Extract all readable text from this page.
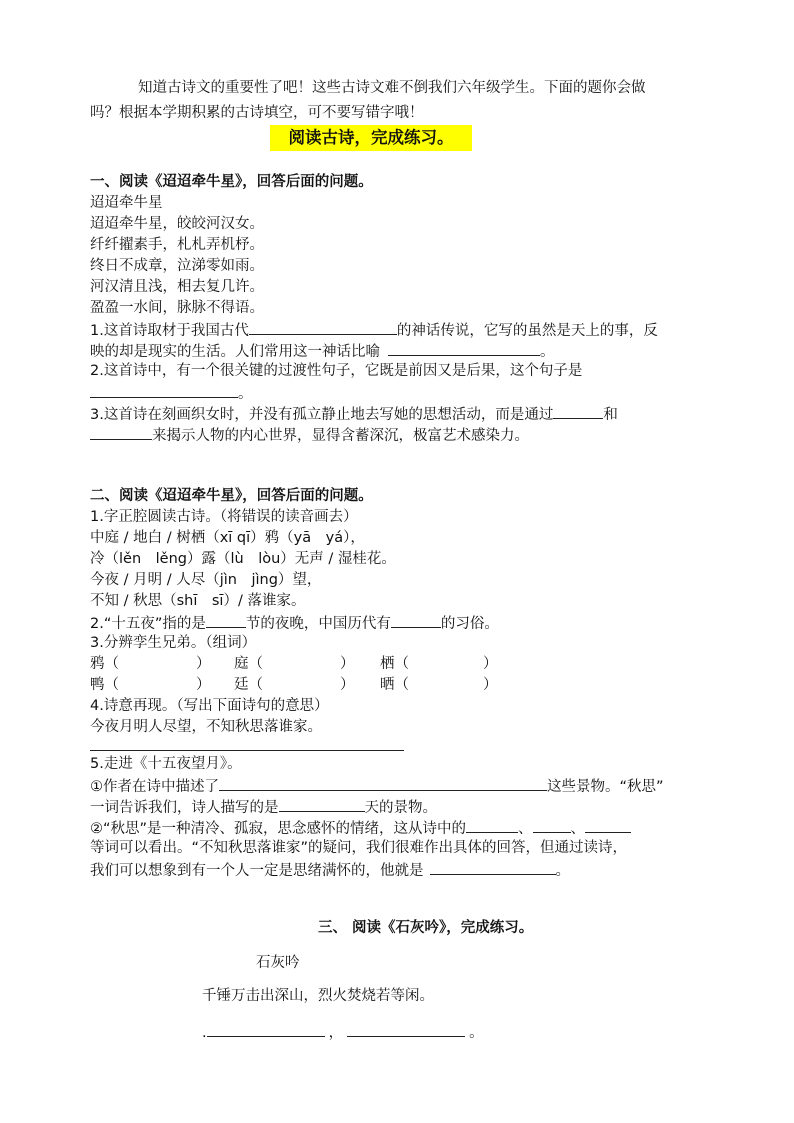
知道古诗文的重要性了吧！这些古诗文难不倒我们六年级学生。下面的题你会做
吗？根据本学期积累的古诗填空，可不要写错字哦！
阅读古诗，完成练习。
一、阅读《迢迢牵牛星》，回答后面的问题。
迢迢牵牛星
迢迢牵牛星，皎皎河汉女。
纤纤擢素手，札札弄机杼。
终日不成章，泣涕零如雨。
河汉清且浅，相去复几许。
盈盈一水间，脉脉不得语。
1.这首诗取材于我国古代	的神话传说，它写的虽然是天上的事，反
映的却是现实的生活。人们常用这一神话比喻	。
2.这首诗中，有一个很关键的过渡性句子，它既是前因又是后果，这个句子是
。
3.这首诗在刻画织女时，并没有孤立静止地去写她的思想活动，而是通过	和
来揭示人物的内心世界，显得含蓄深沉，极富艺术感染力。
二、阅读《迢迢牵牛星》，回答后面的问题。
1.字正腔圆读古诗。（将错误的读音画去）
中庭 / 地白 / 树栖（xī qī）鸦（yā　yá），
冷（lěn　lěng）露（lù　lòu）无声 / 湿桂花。
今夜 / 月明 / 人尽（jìn　jìng）望，
不知 / 秋思（shī　sī）/ 落谁家。
2.“十五夜”指的是	节的夜晚，中国历代有	的习俗。
3.分辨孪生兄弟。（组词）
鸦（	） 庭（	） 栖（	）
鸭（	） 廷（	） 晒（	）
4.诗意再现。（写出下面诗句的意思）
今夜月明人尽望，不知秋思落谁家。
5.走进《十五夜望月》。
①作者在诗中描述了	这些景物。“秋思”
一词告诉我们，诗人描写的是	天的景物。
②“秋思”是一种清冷、孤寂，思念感怀的情绪，这从诗中的	、	、
等词可以看出。“不知秋思落谁家”的疑问，我们很难作出具体的回答，但通过读诗，
我们可以想象到有一个人一定是思绪满怀的，他就是	。
三、 阅读《石灰吟》，完成练习。
石灰吟
千锤万击出深山，烈火焚烧若等闲。
.	，	。
